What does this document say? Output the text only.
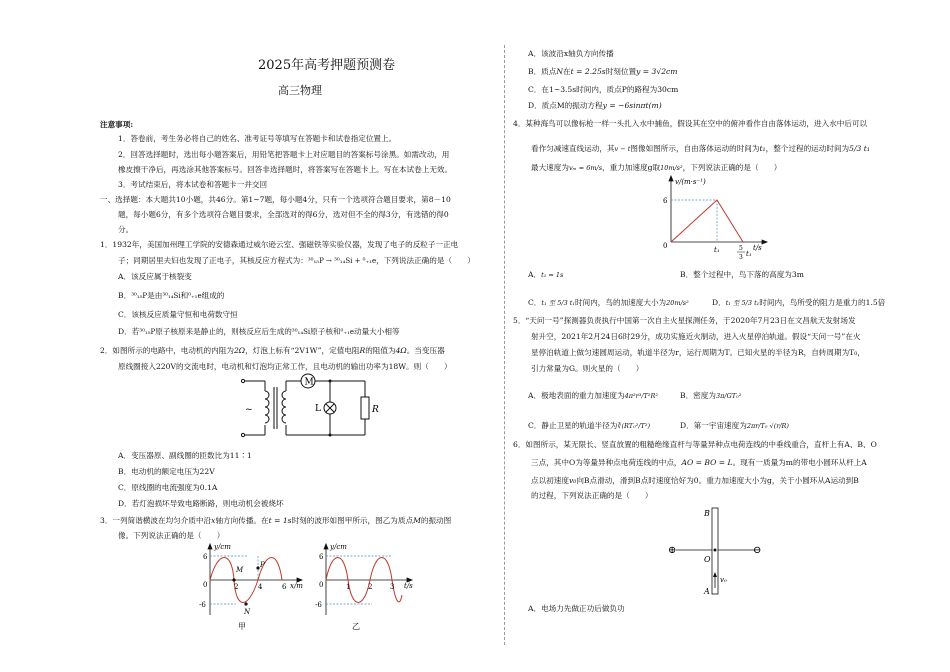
2025年高考押题预测卷
高三物理
注意事项:
1．答卷前，考生务必将自己的姓名、准考证号等填写在答题卡和试卷指定位置上。
2．回答选择题时，选出每小题答案后，用铅笔把答题卡上对应题目的答案标号涂黑。如需改动，用
橡皮擦干净后，再选涂其他答案标号。回答非选择题时，将答案写在答题卡上。写在本试卷上无效。
3．考试结束后，将本试卷和答题卡一并交回
一、选择题：本大题共10小题，共46分。第1~7题，每小题4分，只有一个选项符合题目要求，第8－10
题，每小题6分，有多个选项符合题目要求，全部选对的得6分，选对但不全的得3分，有选错的得0
分。
1．1932年，美国加州理工学院的安德森通过威尔逊云室、强磁铁等实验仪器，发现了电子的反粒子一正电
子；同期居里夫妇也发现了正电子，其核反应方程式为：³⁰₁₅P → ³⁰₁₄Si + ⁰₊₁e，下列说法正确的是（　　）
A．该反应属于核裂变
B．³⁰₁₅P是由³⁰₁₄Si和⁰₊₁e组成的
C．该核反应质量守恒和电荷数守恒
D．若³⁰₁₅P原子核原来是静止的，则核反应后生成的³⁰₁₄Si原子核和⁰₊₁e动量大小相等
2．如图所示的电路中，电动机的内阻为2Ω，灯泡上标有“2V1W”，定值电阻R的阻值为4Ω。当变压器
原线圈接入220V的交流电时，电动机和灯泡均正常工作，且电动机的输出功率为18W。则（　　）
~
M
L	R
A．变压器原、副线圈的匝数比为11∶1
B．电动机的额定电压为22V
C．原线圈的电流强度为0.1A
D．若灯泡损坏导致电路断路，则电动机会被烧坏
3．一列简谐横波在均匀介质中沿x轴方向传播。在t = 1s时刻的波形如图甲所示，图乙为质点M的振动图
像。下列说法正确的是（　　）
y/cm
6
-6
0	2	4	6 x/m
M
P
N
甲
y/cm
6
-6
0	1	2	3 t/s
乙
A．该波沿x轴负方向传播
B．质点N在t = 2.25s时刻位置y = 3√2cm
C．在1~3.5s时间内，质点P的路程为30cm
D．质点M的振动方程y = −6sinπt(m)
4．某种海鸟可以像标枪一样一头扎入水中捕鱼，假设其在空中的俯冲看作自由落体运动，进入水中后可以
看作匀减速直线运动，其v − t图像如图所示，自由落体运动的时间为t₁，整个过程的运动时间为5/3 t₁
最大速度为vₘ = 6m/s，重力加速度g取10m/s²，下列说法正确的是（　　）
v/(m·s⁻¹)
6
0	t₁	5
3 t₁
t/s
A．t₁ = 1s	B．整个过程中，鸟下落的高度为3m
C．t₁ 至 5/3 t₁时间内，鸟的加速度大小为20m/s²	D．t₁ 至 5/3 t₁时间内，鸟所受的阻力是重力的1.5倍
5．“天问一号”探测器负责执行中国第一次自主火星探测任务，于2020年7月23日在文昌航天发射场发
射升空，2021年2月24日6时29分，成功实施近火制动，进入火星停泊轨道。假设“天问一号”在火
星停泊轨道上做匀速圆周运动，轨道半径为r，运行周期为T。已知火星的半径为R，自转周期为T₀，
引力常量为G。则火星的（　　）
A．极地表面的重力加速度为4π²r³/T²R²	B．密度为3π/GT₀²
C．静止卫星的轨道半径为∛(RT₀²/T²)	D．第一宇宙速度为2πr/T₀ √(r/R)
6．如图所示，某无限长、竖直放置的粗糙绝缘直杆与等量异种点电荷连线的中垂线重合，直杆上有A、B、O
三点，其中O为等量异种点电荷连线的中点，AO = BO = L。现有一质量为m的带电小圆环从杆上A
点以初速度v₀向B点滑动，滑到B点时速度恰好为0。重力加速度大小为g，关于小圆环从A运动到B
的过程，下列说法正确的是（　　）
⊕	⊖
B
O
A
v₀
A．电场力先做正功后做负功
